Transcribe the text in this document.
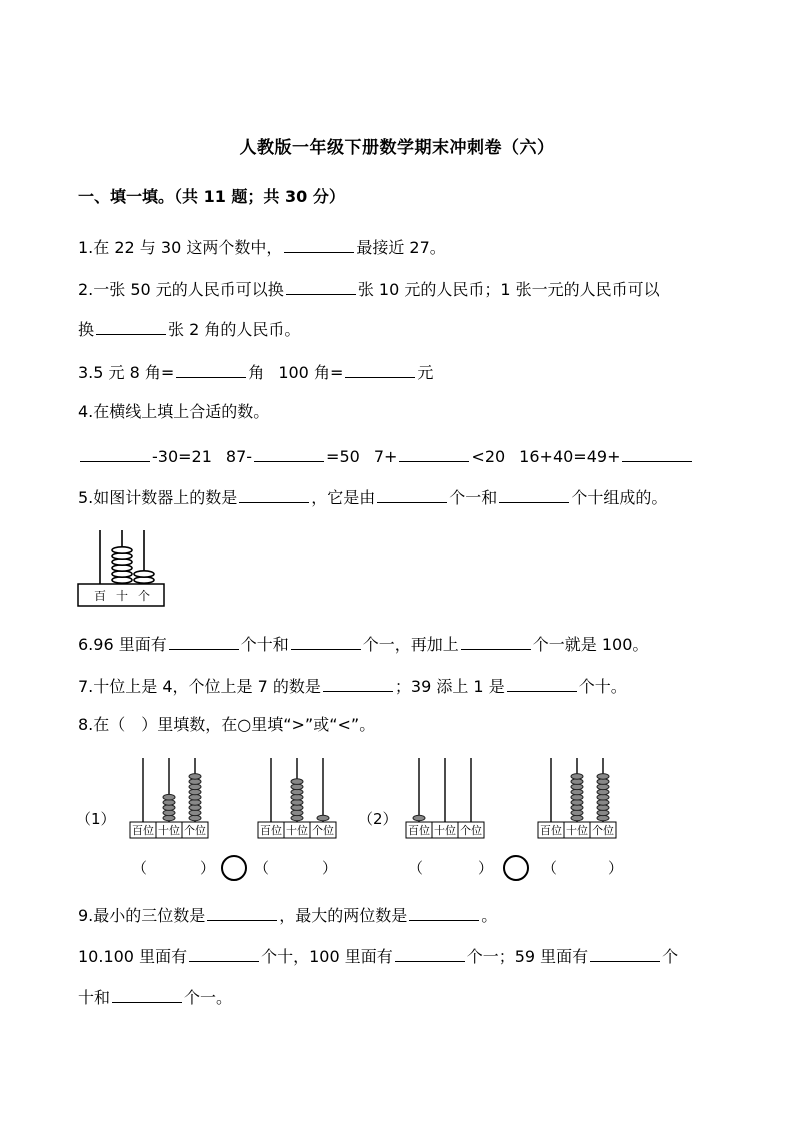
人教版一年级下册数学期末冲刺卷（六）
一、填一填。（共 11 题；共 30 分）
1.在 22 与 30 这两个数中，	最接近 27。
2.一张 50 元的人民币可以换	张 10 元的人民币；1 张一元的人民币可以
换	张 2 角的人民币。
3.5 元 8 角=	角 100 角=	元
4.在横线上填上合适的数。
-30=21 87-	=50 7+	<20 16+40=49+
5.如图计数器上的数是	，它是由	个一和	个十组成的。
百 十 个
6.96 里面有	个十和	个一，再加上	个一就是 100。
7.十位上是 4，个位上是 7 的数是	；39 添上 1 是	个十。
8.在（　）里填数，在○里填“>”或“<”。
（1）	（2）
百位 十位 个位	百位 十位 个位	百位 十位 个位	百位 十位 个位
（	）	（	）	（	）	（	）
9.最小的三位数是	，最大的两位数是	。
10.100 里面有	个十，100 里面有	个一；59 里面有	个
十和	个一。
